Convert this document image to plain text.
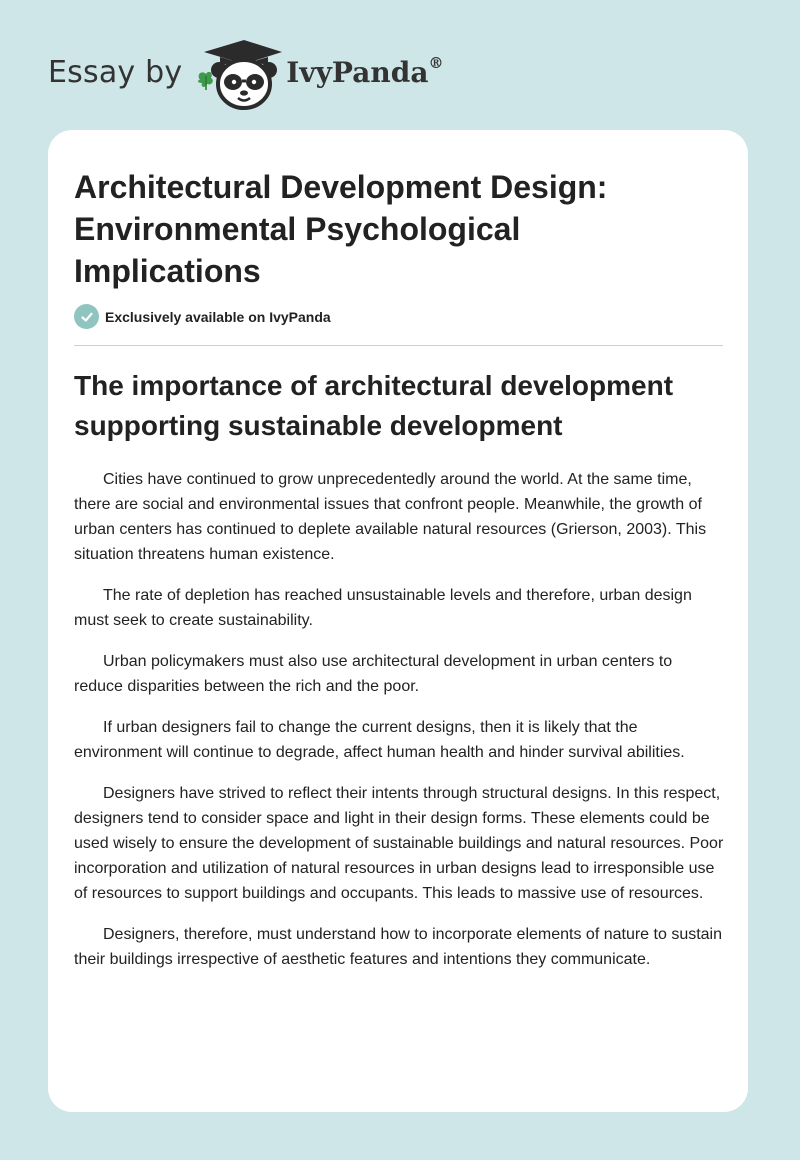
Essay by	IvyPanda®
Architectural Development Design: Environmental Psychological Implications
Exclusively available on IvyPanda
The importance of architectural development supporting sustainable development

Cities have continued to grow unprecedentedly around the world. At the same time, there are social and environmental issues that confront people. Meanwhile, the growth of urban centers has continued to deplete available natural resources (Grierson, 2003). This situation threatens human existence.

The rate of depletion has reached unsustainable levels and therefore, urban design must seek to create sustainability.

Urban policymakers must also use architectural development in urban centers to reduce disparities between the rich and the poor.

If urban designers fail to change the current designs, then it is likely that the environment will continue to degrade, affect human health and hinder survival abilities.

Designers have strived to reflect their intents through structural designs. In this respect, designers tend to consider space and light in their design forms. These elements could be used wisely to ensure the development of sustainable buildings and natural resources. Poor incorporation and utilization of natural resources in urban designs lead to irresponsible use of resources to support buildings and occupants. This leads to massive use of resources.

Designers, therefore, must understand how to incorporate elements of nature to sustain their buildings irrespective of aesthetic features and intentions they communicate.
